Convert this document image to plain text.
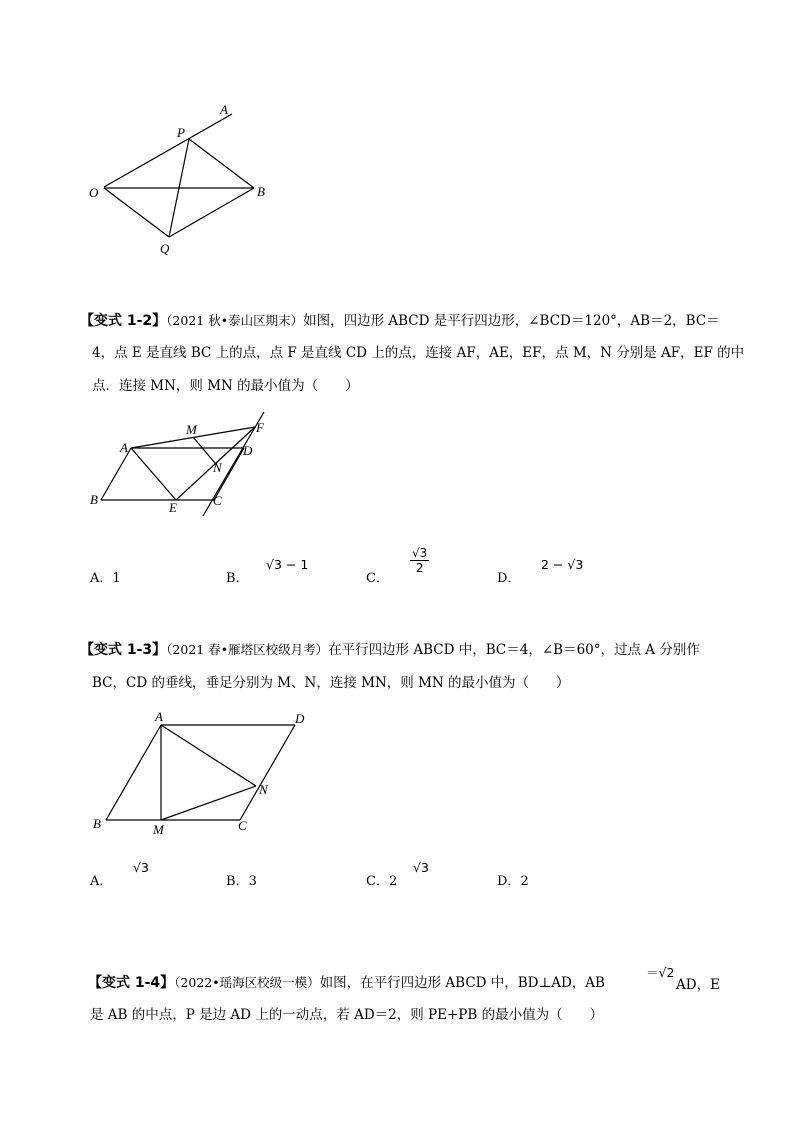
A
P
O	B
Q
【变式 1-2】（2021 秋•泰山区期末）如图，四边形 ABCD 是平行四边形，∠BCD＝120°，AB＝2，BC＝
4，点 E 是直线 BC 上的点，点 F 是直线 CD 上的点，连接 AF，AE，EF，点 M，N 分别是 AF，EF 的中
点．连接 MN，则 MN 的最小值为（　　）
A
M	F
D
N
B
E	C
A．1	B．
√3 − 1
C．
$\frac{√3}{2}$
D．
2 − √3
【变式 1-3】（2021 春•雁塔区校级月考）在平行四边形 ABCD 中，BC＝4，∠B＝60°，过点 A 分别作
BC，CD 的垂线，垂足分别为 M、N，连接 MN，则 MN 的最小值为（　　）
A	D
N
B	M	C
A．
√3
B．3	C．2
√3
D．2
【变式 1-4】（2022•瑶海区校级一模）如图，在平行四边形 ABCD 中，BD⊥AD，AB
＝√2
AD，E
是 AB 的中点，P 是边 AD 上的一动点，若 AD＝2，则 PE+PB 的最小值为（　　）
